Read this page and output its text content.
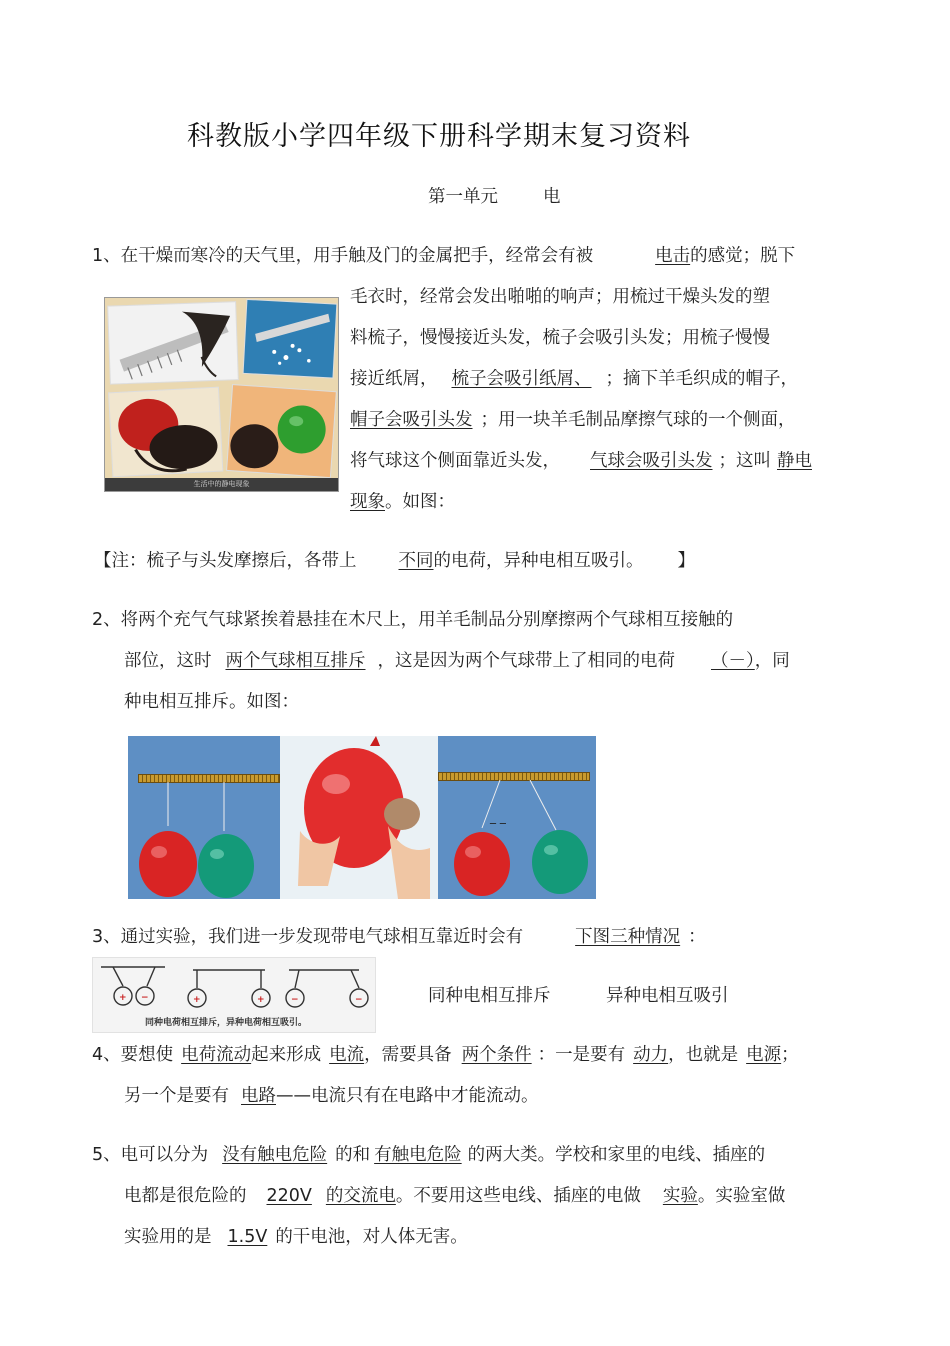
科教版小学四年级下册科学期末复习资料
第一单元	电
1、在干燥而寒冷的天气里，用手触及门的金属把手，经常会有被	电击的感觉；脱下
生活中的静电现象
毛衣时，经常会发出啪啪的响声；用梳过干燥头发的塑
料梳子，慢慢接近头发，梳子会吸引头发；用梳子慢慢
接近纸屑， 梳子会吸引纸屑、 ；摘下羊毛织成的帽子，
帽子会吸引头发 ；用一块羊毛制品摩擦气球的一个侧面，
将气球这个侧面靠近头发， 气球会吸引头发 ；这叫 静电
现象。如图：
【注：梳子与头发摩擦后，各带上 不同的电荷，异种电相互吸引。 】
2、将两个充气气球紧挨着悬挂在木尺上，用羊毛制品分别摩擦两个气球相互接触的
部位，这时 两个气球相互排斥 ，这是因为两个气球带上了相同的电荷 （－），同
种电相互排斥。如图：
_ _
3、通过实验，我们进一步发现带电气球相互靠近时会有	下图三种情况 ：
+ −	+	+	−	−
同种电荷相互排斥，异种电荷相互吸引。
同种电相互排斥	异种电相互吸引
4、要想使 电荷流动起来形成 电流，需要具备 两个条件 ：一是要有 动力，也就是 电源；
另一个是要有 电路——电流只有在电路中才能流动。
5、电可以分为 没有触电危险 的和 有触电危险 的两大类。学校和家里的电线、插座的
电都是很危险的 220V 的交流电。不要用这些电线、插座的电做 实验。实验室做
实验用的是 1.5V 的干电池，对人体无害。
